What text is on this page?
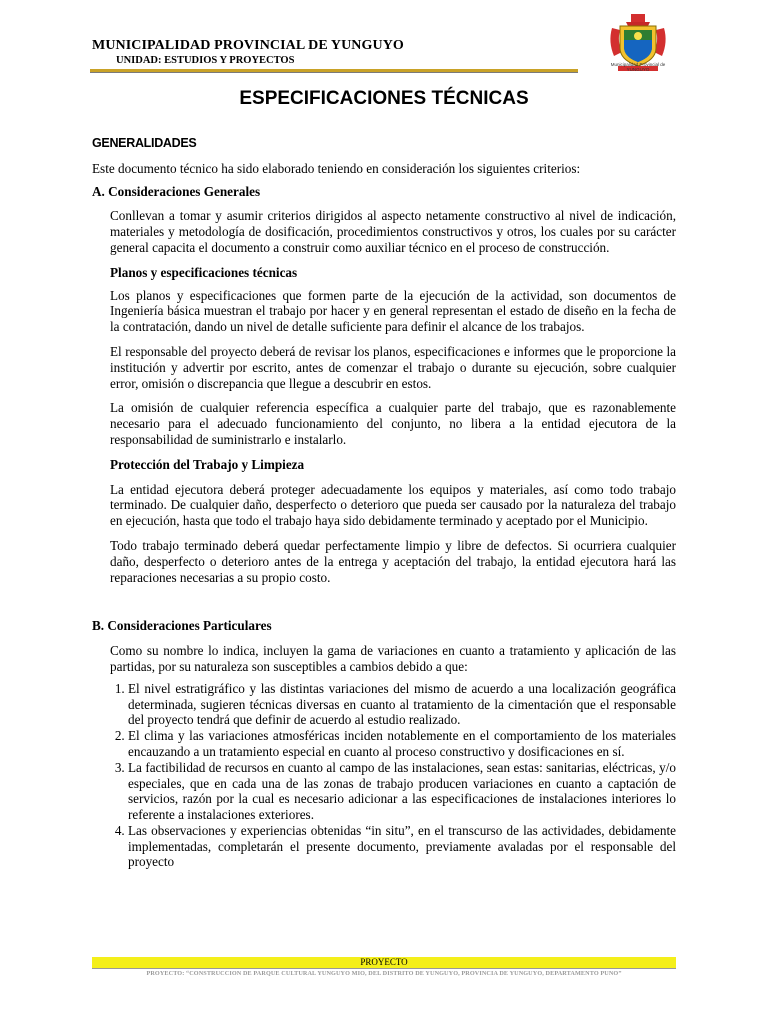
MUNICIPALIDAD PROVINCIAL DE YUNGUYO
UNIDAD: ESTUDIOS Y PROYECTOS	Municipalidad Provincial de YUNGUYO
ESPECIFICACIONES TÉCNICAS

GENERALIDADES

Este documento técnico ha sido elaborado teniendo en consideración los siguientes criterios:

A. Consideraciones Generales

Conllevan a tomar y asumir criterios dirigidos al aspecto netamente constructivo al nivel de indicación, materiales y metodología de dosificación, procedimientos constructivos y otros, los cuales por su carácter general capacita el documento a construir como auxiliar técnico en el proceso de construcción.

Planos y especificaciones técnicas

Los planos y especificaciones que formen parte de la ejecución de la actividad, son documentos de Ingeniería básica muestran el trabajo por hacer y en general representan el estado de diseño en la fecha de la contratación, dando un nivel de detalle suficiente para definir el alcance de los trabajos.

El responsable del proyecto deberá de revisar los planos, especificaciones e informes que le proporcione la institución y advertir por escrito, antes de comenzar el trabajo o durante su ejecución, sobre cualquier error, omisión o discrepancia que llegue a descubrir en estos.

La omisión de cualquier referencia específica a cualquier parte del trabajo, que es razonablemente necesario para el adecuado funcionamiento del conjunto, no libera a la entidad ejecutora de la responsabilidad de suministrarlo e instalarlo.

Protección del Trabajo y Limpieza

La entidad ejecutora deberá proteger adecuadamente los equipos y materiales, así como todo trabajo terminado. De cualquier daño, desperfecto o deterioro que pueda ser causado por la naturaleza del trabajo en ejecución, hasta que todo el trabajo haya sido debidamente terminado y aceptado por el Municipio.

Todo trabajo terminado deberá quedar perfectamente limpio y libre de defectos. Si ocurriera cualquier daño, desperfecto o deterioro antes de la entrega y aceptación del trabajo, la entidad ejecutora hará las reparaciones necesarias a su propio costo.

B. Consideraciones Particulares

Como su nombre lo indica, incluyen la gama de variaciones en cuanto a tratamiento y aplicación de las partidas, por su naturaleza son susceptibles a cambios debido a que:

1. El nivel estratigráfico y las distintas variaciones del mismo de acuerdo a una localización geográfica determinada, sugieren técnicas diversas en cuanto al tratamiento de la cimentación que el responsable del proyecto tendrá que definir de acuerdo al estudio realizado.
2. El clima y las variaciones atmosféricas inciden notablemente en el comportamiento de los materiales encauzando a un tratamiento especial en cuanto al proceso constructivo y dosificaciones en sí.
3. La factibilidad de recursos en cuanto al campo de las instalaciones, sean estas: sanitarias, eléctricas, y/o especiales, que en cada una de las zonas de trabajo producen variaciones en cuanto a captación de servicios, razón por la cual es necesario adicionar a las especificaciones de instalaciones interiores lo referente a instalaciones exteriores.
4. Las observaciones y experiencias obtenidas “in situ”, en el transcurso de las actividades, debidamente implementadas, completarán el presente documento, previamente avaladas por el responsable del proyecto
PROYECTO
PROYECTO: “CONSTRUCCION DE PARQUE CULTURAL YUNGUYO MIO, DEL DISTRITO DE YUNGUYO, PROVINCIA DE YUNGUYO, DEPARTAMENTO PUNO”
